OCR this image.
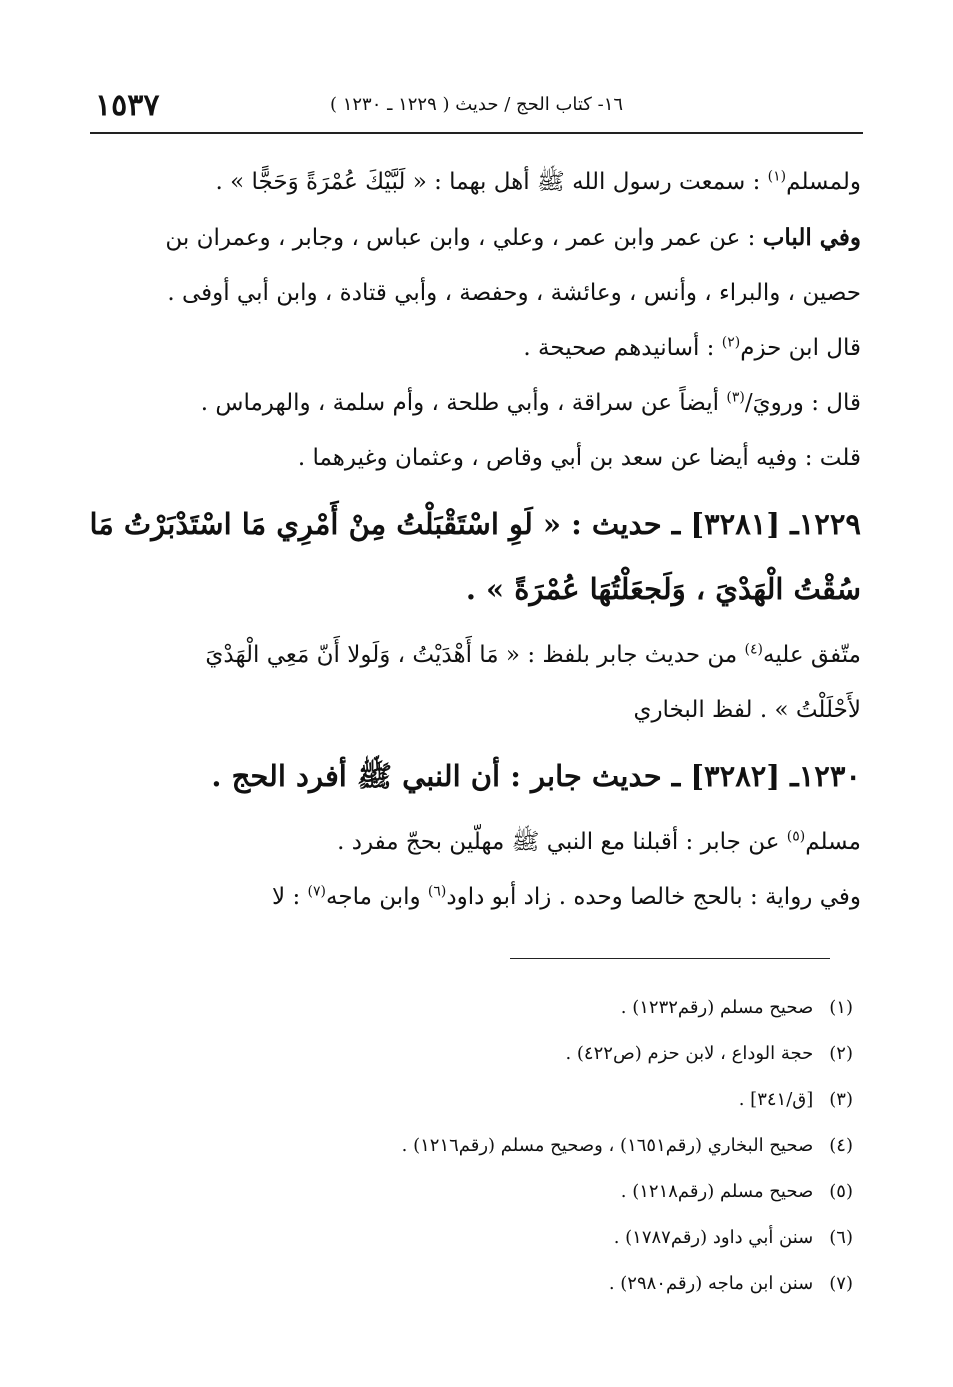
١٦- كتاب الحج / حديث ( ١٢٢٩ ـ ١٢٣٠ )
١٥٣٧
ولمسلم$^{(١)}$ : سمعت رسول الله ﷺ أهل بهما : « لَبَّيْكَ عُمْرَةً وَحَجًّا » .
وفي الباب : عن عمر وابن عمر ، وعلي ، وابن عباس ، وجابر ، وعمران بن
حصين ، والبراء ، وأنس ، وعائشة ، وحفصة ، وأبي قتادة ، وابن أبي أوفى .
قال ابن حزم$^{(٢)}$ : أسانيدهم صحيحة .
قال : ورويَ/$^{(٣)}$ أيضاً عن سراقة ، وأبي طلحة ، وأم سلمة ، والهرماس .
قلت : وفيه أيضا عن سعد بن أبي وقاص ، وعثمان وغيرهما .
١٢٢٩ـ [٣٢٨١] ـ حديث : « لَوِ اسْتَقْبَلْتُ مِنْ أَمْرِي مَا اسْتَدْبَرْتُ مَا
سُقْتُ الْهَدْيَ ، وَلَجعَلْتُهَا عُمْرَةً » .
متّفق عليه$^{(٤)}$ من حديث جابر بلفظ : « مَا أَهْدَيْتُ ، وَلَولا أَنّ مَعِي الْهَدْيَ
لأَحْلَلْتُ » . لفظ البخاري
١٢٣٠ـ [٣٢٨٢] ـ حديث جابر : أن النبي ﷺ أفرد الحج .
مسلم$^{(٥)}$ عن جابر : أقبلنا مع النبي ﷺ مهلّين بحجّ مفرد .
وفي رواية : بالحج خالصا وحده . زاد أبو داود$^{(٦)}$ وابن ماجه$^{(٧)}$ : لا
(١) صحيح مسلم (رقم١٢٣٢) .
(٢) حجة الوداع ، لابن حزم (ص٤٢٢) .
(٣) [ق/٣٤١] .
(٤) صحيح البخاري (رقم١٦٥١) ، وصحيح مسلم (رقم١٢١٦) .
(٥) صحيح مسلم (رقم١٢١٨) .
(٦) سنن أبي داود (رقم١٧٨٧) .
(٧) سنن ابن ماجه (رقم٢٩٨٠) .
